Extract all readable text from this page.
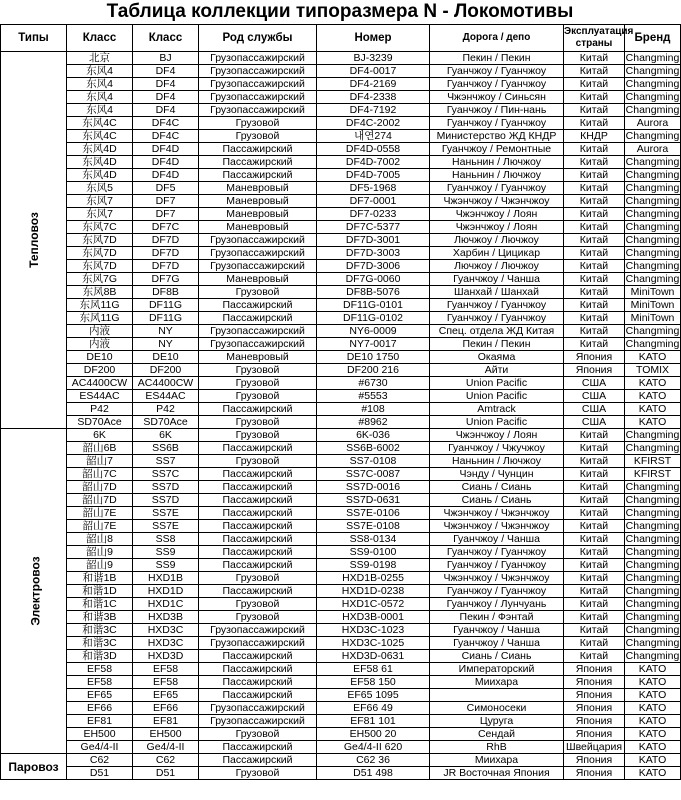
Таблица коллекции типоразмера N - Локомотивы
Типы	Класс	Класс	Род службы	Номер	Дорога / депо	Эксплуатация страны	Бренд
Тепловоз	北京	BJ	Грузопассажирский	BJ-3239	Пекин / Пекин	Китай	Changming
	东风4	DF4	Грузопассажирский	DF4-0017	Гуанчжоу / Гуанчжоу	Китай	Changming
	东风4	DF4	Грузопассажирский	DF4-2169	Гуанчжоу / Гуанчжоу	Китай	Changming
	东风4	DF4	Грузопассажирский	DF4-2338	Чжэнчжоу / Синьсян	Китай	Changming
	东风4	DF4	Грузопассажирский	DF4-7192	Гуанчжоу / Пин-нань	Китай	Changming
	东风4C	DF4C	Грузовой	DF4C-2002	Гуанчжоу / Гуанчжоу	Китай	Aurora
	东风4C	DF4C	Грузовой	내연274	Министерство ЖД КНДР	КНДР	Changming
	东风4D	DF4D	Пассажирский	DF4D-0558	Гуанчжоу / Ремонтные	Китай	Aurora
	东风4D	DF4D	Пассажирский	DF4D-7002	Наньнин / Лючжоу	Китай	Changming
	东风4D	DF4D	Пассажирский	DF4D-7005	Наньнин / Лючжоу	Китай	Changming
	东风5	DF5	Маневровый	DF5-1968	Гуанчжоу / Гуанчжоу	Китай	Changming
	东风7	DF7	Маневровый	DF7-0001	Чжэнчжоу / Чжэнчжоу	Китай	Changming
	东风7	DF7	Маневровый	DF7-0233	Чжэнчжоу / Лоян	Китай	Changming
	东风7C	DF7C	Маневровый	DF7C-5377	Чжэнчжоу / Лоян	Китай	Changming
	东风7D	DF7D	Грузопассажирский	DF7D-3001	Лючжоу / Лючжоу	Китай	Changming
	东风7D	DF7D	Грузопассажирский	DF7D-3003	Харбин / Цицикар	Китай	Changming
	东风7D	DF7D	Грузопассажирский	DF7D-3006	Лючжоу / Лючжоу	Китай	Changming
	东风7G	DF7G	Маневровый	DF7G-0060	Гуанчжоу / Чанша	Китай	Changming
	东风8B	DF8B	Грузовой	DF8B-5076	Шанхай / Шанхай	Китай	MiniTown
	东风11G	DF11G	Пассажирский	DF11G-0101	Гуанчжоу / Гуанчжоу	Китай	MiniTown
	东风11G	DF11G	Пассажирский	DF11G-0102	Гуанчжоу / Гуанчжоу	Китай	MiniTown
	内液	NY	Грузопассажирский	NY6-0009	Спец. отдела ЖД Китая	Китай	Changming
	内液	NY	Грузопассажирский	NY7-0017	Пекин / Пекин	Китай	Changming
	DE10	DE10	Маневровый	DE10 1750	Окаяма	Япония	KATO
	DF200	DF200	Грузовой	DF200 216	Айти	Япония	TOMIX
	AC4400CW	AC4400CW	Грузовой	#6730	Union Pacific	США	KATO
	ES44AC	ES44AC	Грузовой	#5553	Union Pacific	США	KATO
	P42	P42	Пассажирский	#108	Amtrack	США	KATO
	SD70Ace	SD70Ace	Грузовой	#8962	Union Pacific	США	KATO
Электровоз	6K	6K	Грузовой	6K-036	Чжэнчжоу / Лоян	Китай	Changming
	韶山6B	SS6B	Пассажирский	SS6B-6002	Гуанчжоу / Чжучжоу	Китай	Changming
	韶山7	SS7	Грузовой	SS7-0108	Наньнин / Лючжоу	Китай	KFIRST
	韶山7C	SS7C	Пассажирский	SS7C-0087	Чэнду / Чунцин	Китай	KFIRST
	韶山7D	SS7D	Пассажирский	SS7D-0016	Сиань / Сиань	Китай	Changming
	韶山7D	SS7D	Пассажирский	SS7D-0631	Сиань / Сиань	Китай	Changming
	韶山7E	SS7E	Пассажирский	SS7E-0106	Чжэнчжоу / Чжэнчжоу	Китай	Changming
	韶山7E	SS7E	Пассажирский	SS7E-0108	Чжэнчжоу / Чжэнчжоу	Китай	Changming
	韶山8	SS8	Пассажирский	SS8-0134	Гуанчжоу / Чанша	Китай	Changming
	韶山9	SS9	Пассажирский	SS9-0100	Гуанчжоу / Гуанчжоу	Китай	Changming
	韶山9	SS9	Пассажирский	SS9-0198	Гуанчжоу / Гуанчжоу	Китай	Changming
	和谐1B	HXD1B	Грузовой	HXD1B-0255	Чжэнчжоу / Чжэнчжоу	Китай	Changming
	和谐1D	HXD1D	Пассажирский	HXD1D-0238	Гуанчжоу / Гуанчжоу	Китай	Changming
	和谐1C	HXD1C	Грузовой	HXD1C-0572	Гуанчжоу / Лунчуань	Китай	Changming
	和谐3B	HXD3B	Грузовой	HXD3B-0001	Пекин / Фэнтай	Китай	Changming
	和谐3C	HXD3C	Грузопассажирский	HXD3C-1023	Гуанчжоу / Чанша	Китай	Changming
	和谐3C	HXD3C	Грузопассажирский	HXD3C-1025	Гуанчжоу / Чанша	Китай	Changming
	和谐3D	HXD3D	Пассажирский	HXD3D-0631	Сиань / Сиань	Китай	Changming
	EF58	EF58	Пассажирский	EF58 61	Императорский	Япония	KATO
	EF58	EF58	Пассажирский	EF58 150	Миихара	Япония	KATO
	EF65	EF65	Пассажирский	EF65 1095		Япония	KATO
	EF66	EF66	Грузопассажирский	EF66 49	Симоносеки	Япония	KATO
	EF81	EF81	Грузопассажирский	EF81 101	Цуруга	Япония	KATO
	EH500	EH500	Грузовой	EH500 20	Сендай	Япония	KATO
	Ge4/4-II	Ge4/4-II	Пассажирский	Ge4/4-II 620	RhB	Швейцария	KATO
Паровоз	C62	C62	Пассажирский	C62 36	Миихара	Япония	KATO
	D51	D51	Грузовой	D51 498	JR Восточная Япония	Япония	KATO
